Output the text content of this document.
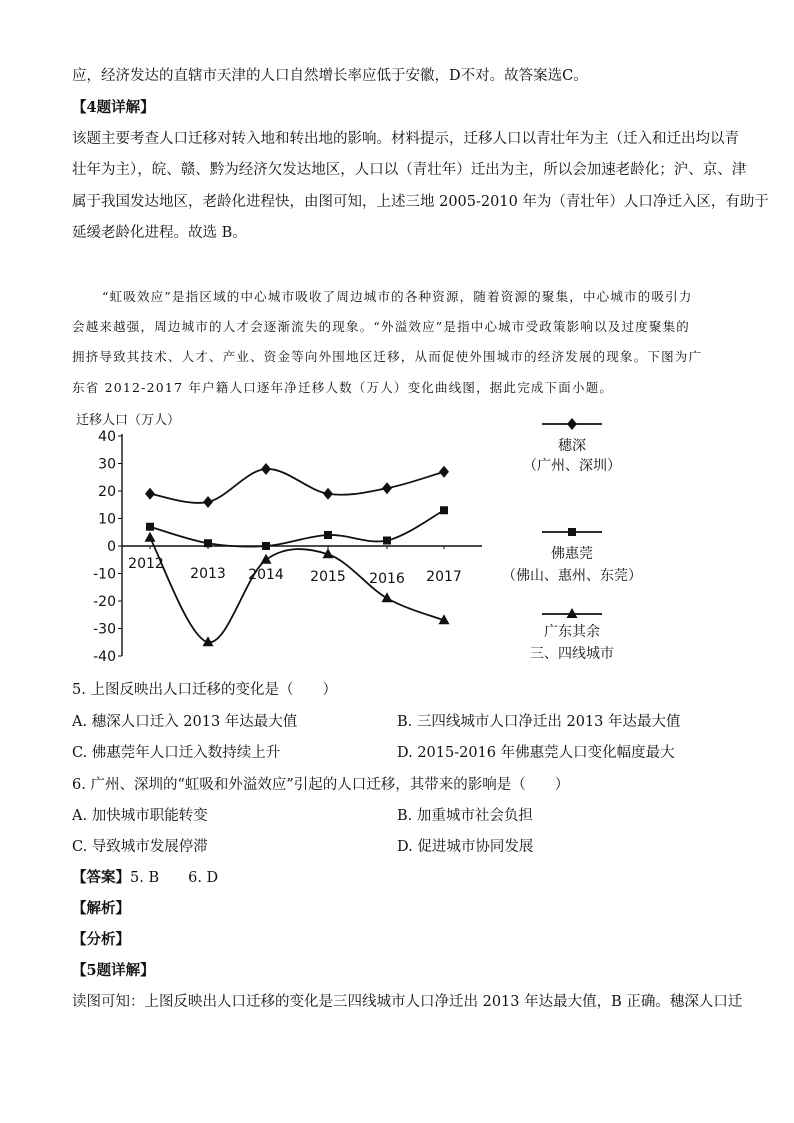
应，经济发达的直辖市天津的人口自然增长率应低于安徽，D不对。故答案选C。
【4题详解】
该题主要考查人口迁移对转入地和转出地的影响。材料提示，迁移人口以青壮年为主（迁入和迁出均以青
壮年为主），皖、赣、黔为经济欠发达地区，人口以（青壮年）迁出为主，所以会加速老龄化；沪、京、津
属于我国发达地区，老龄化进程快，由图可知，上述三地 2005-2010 年为（青壮年）人口净迁入区，有助于
延缓老龄化进程。故选 B。
“虹吸效应”是指区域的中心城市吸收了周边城市的各种资源，随着资源的聚集，中心城市的吸引力
会越来越强，周边城市的人才会逐渐流失的现象。“外溢效应”是指中心城市受政策影响以及过度聚集的
拥挤导致其技术、人才、产业、资金等向外围地区迁移，从而促使外围城市的经济发展的现象。下图为广
东省 2012-2017 年户籍人口逐年净迁移人数（万人）变化曲线图，据此完成下面小题。
迁移人口（万人）
40
30
20
10
0
-10
-20
-30
-40
2012
2013 2014 2015 2016 2017
穗深
（广州、深圳）
佛惠莞
（佛山、惠州、东莞）
广东其余
三、四线城市
5. 上图反映出人口迁移的变化是（　　）
A. 穗深人口迁入 2013 年达最大值	B. 三四线城市人口净迁出 2013 年达最大值
C. 佛惠莞年人口迁入数持续上升	D. 2015-2016 年佛惠莞人口变化幅度最大
6. 广州、深圳的“虹吸和外溢效应”引起的人口迁移，其带来的影响是（　　）
A. 加快城市职能转变	B. 加重城市社会负担
C. 导致城市发展停滞	D. 促进城市协同发展
【答案】5. B　　6. D
【解析】
【分析】
【5题详解】
读图可知：上图反映出人口迁移的变化是三四线城市人口净迁出 2013 年达最大值，B 正确。穗深人口迁
